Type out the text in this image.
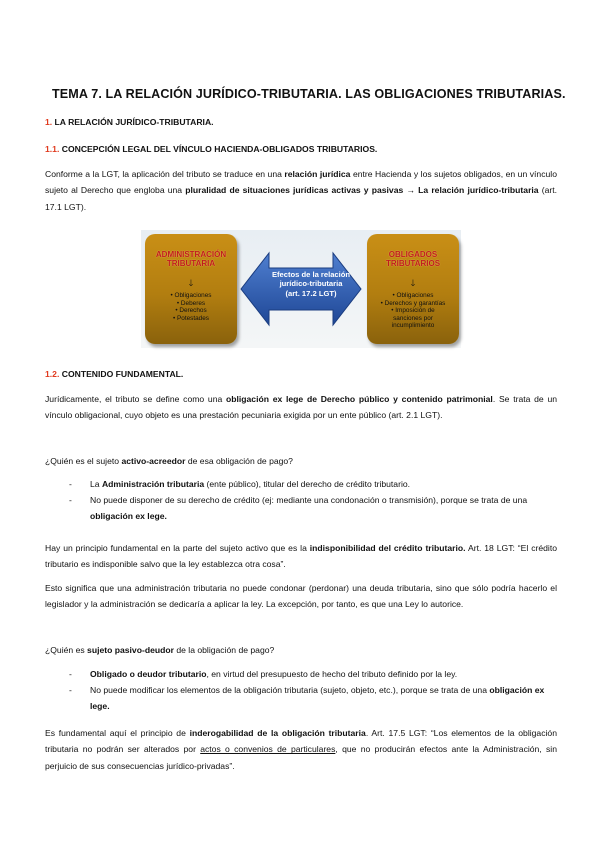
TEMA 7. LA RELACIÓN JURÍDICO-TRIBUTARIA. LAS OBLIGACIONES TRIBUTARIAS.
1. LA RELACIÓN JURÍDICO-TRIBUTARIA.
1.1. CONCEPCIÓN LEGAL DEL VÍNCULO HACIENDA-OBLIGADOS TRIBUTARIOS.
Conforme a la LGT, la aplicación del tributo se traduce en una relación jurídica entre Hacienda y los sujetos obligados, en un vínculo sujeto al Derecho que engloba una pluralidad de situaciones jurídicas activas y pasivas → La relación jurídico-tributaria (art. 17.1 LGT).
ADMINISTRACIÓN
TRIBUTARIA
🡓
• Obligaciones
• Deberes
• Derechos
• Potestades
Efectos de la relación
jurídico-tributaria
(art. 17.2 LGT)
OBLIGADOS
TRIBUTARIOS
🡓
• Obligaciones
• Derechos y garantías
• Imposición de
sanciones por
incumplimiento
1.2. CONTENIDO FUNDAMENTAL.
Jurídicamente, el tributo se define como una obligación ex lege de Derecho público y contenido patrimonial. Se trata de un vínculo obligacional, cuyo objeto es una prestación pecuniaria exigida por un ente público (art. 2.1 LGT).
¿Quién es el sujeto activo-acreedor de esa obligación de pago?
- La Administración tributaria (ente público), titular del derecho de crédito tributario.
- No puede disponer de su derecho de crédito (ej: mediante una condonación o transmisión), porque se trata de una obligación ex lege.
Hay un principio fundamental en la parte del sujeto activo que es la indisponibilidad del crédito tributario. Art. 18 LGT: “El crédito tributario es indisponible salvo que la ley establezca otra cosa”.
Esto significa que una administración tributaria no puede condonar (perdonar) una deuda tributaria, sino que sólo podría hacerlo el legislador y la administración se dedicaría a aplicar la ley. La excepción, por tanto, es que una Ley lo autorice.
¿Quién es sujeto pasivo-deudor de la obligación de pago?
- Obligado o deudor tributario, en virtud del presupuesto de hecho del tributo definido por la ley.
- No puede modificar los elementos de la obligación tributaria (sujeto, objeto, etc.), porque se trata de una obligación ex lege.
Es fundamental aquí el principio de inderogabilidad de la obligación tributaria. Art. 17.5 LGT: “Los elementos de la obligación tributaria no podrán ser alterados por actos o convenios de particulares, que no producirán efectos ante la Administración, sin perjuicio de sus consecuencias jurídico-privadas”.
